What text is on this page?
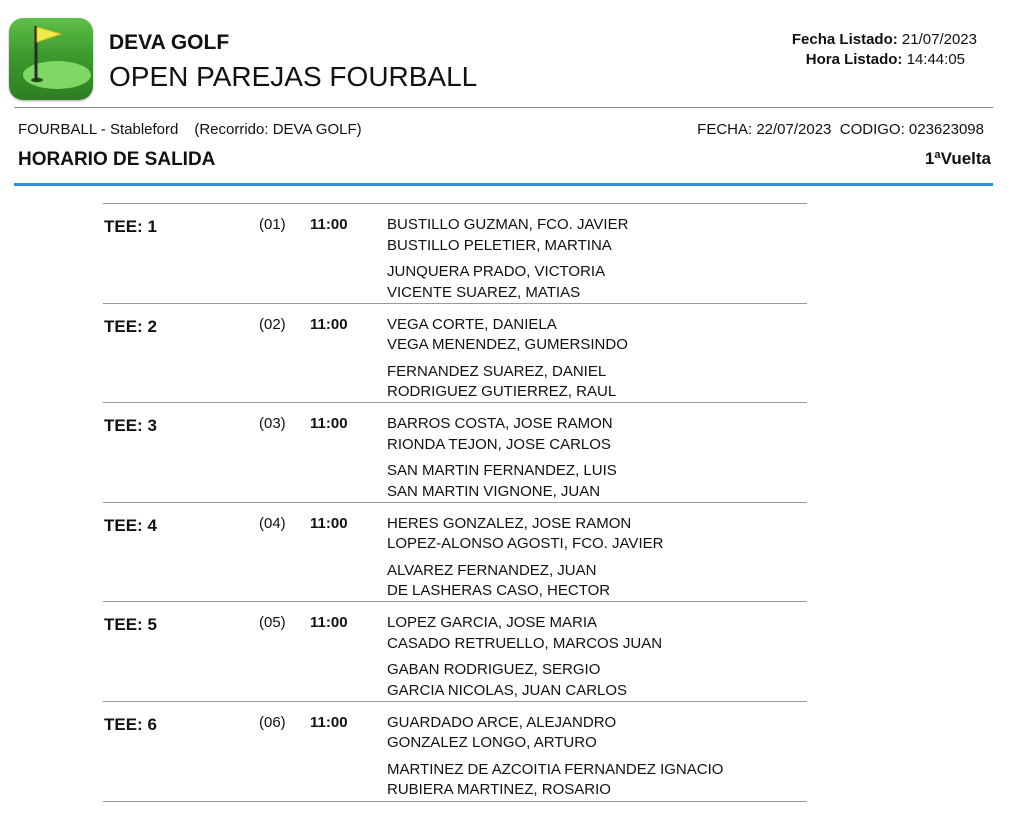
DEVA GOLF
OPEN PAREJAS FOURBALL
Fecha Listado: 21/07/2023
Hora Listado: 14:44:05
FOURBALL - Stableford (Recorrido: DEVA GOLF)	FECHA: 22/07/2023  CODIGO: 023623098
HORARIO DE SALIDA	1ªVuelta
TEE: 1	(01) 11:00	BUSTILLO GUZMAN, FCO. JAVIER
BUSTILLO PELETIER, MARTINA
JUNQUERA PRADO, VICTORIA
VICENTE SUAREZ, MATIAS
TEE: 2	(02) 11:00	VEGA CORTE, DANIELA
VEGA MENENDEZ, GUMERSINDO
FERNANDEZ SUAREZ, DANIEL
RODRIGUEZ GUTIERREZ, RAUL
TEE: 3	(03) 11:00	BARROS COSTA, JOSE RAMON
RIONDA TEJON, JOSE CARLOS
SAN MARTIN FERNANDEZ, LUIS
SAN MARTIN VIGNONE, JUAN
TEE: 4	(04) 11:00	HERES GONZALEZ, JOSE RAMON
LOPEZ-ALONSO AGOSTI, FCO. JAVIER
ALVAREZ FERNANDEZ, JUAN
DE LASHERAS CASO, HECTOR
TEE: 5	(05) 11:00	LOPEZ GARCIA, JOSE MARIA
CASADO RETRUELLO, MARCOS JUAN
GABAN RODRIGUEZ, SERGIO
GARCIA NICOLAS, JUAN CARLOS
TEE: 6	(06) 11:00	GUARDADO ARCE, ALEJANDRO
GONZALEZ LONGO, ARTURO
MARTINEZ DE AZCOITIA FERNANDEZ IGNACIO
RUBIERA MARTINEZ, ROSARIO
